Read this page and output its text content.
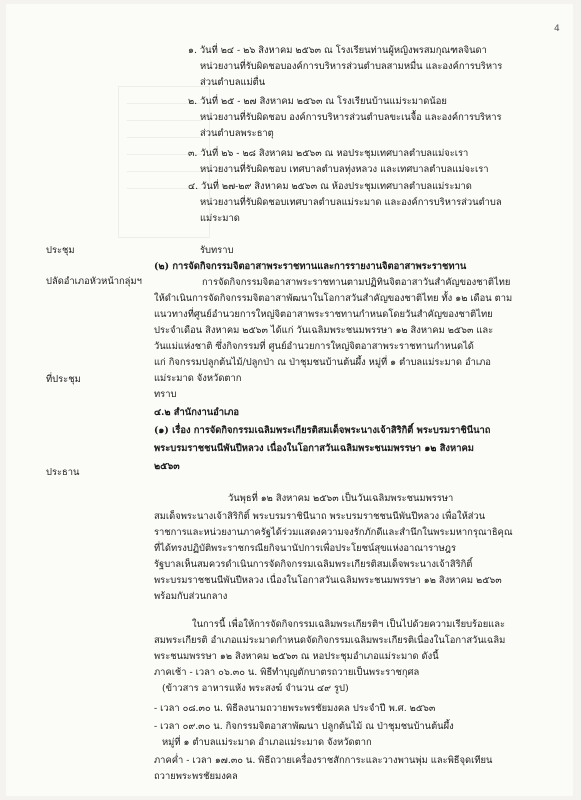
4
ประชุม
ปลัดอำเภอหัวหน้ากลุ่มฯ
ที่ประชุม
ประธาน
๑. วันที่ ๒๔ - ๒๖ สิงหาคม ๒๕๖๓ ณ โรงเรียนท่านผู้หญิงพรสมกุณฑลจินดา
หน่วยงานที่รับผิดชอบองค์การบริหารส่วนตำบลสามหมื่น และองค์การบริหาร
ส่วนตำบลแม่ตื่น
๒. วันที่ ๒๕ - ๒๗ สิงหาคม ๒๕๖๓ ณ โรงเรียนบ้านแม่ระมาดน้อย
หน่วยงานที่รับผิดชอบ องค์การบริหารส่วนตำบลขะเนจื้อ และองค์การบริหาร
ส่วนตำบลพระธาตุ
๓. วันที่ ๒๖ - ๒๘ สิงหาคม ๒๕๖๓ ณ หอประชุมเทศบาลตำบลแม่จะเรา
หน่วยงานที่รับผิดชอบ เทศบาลตำบลทุ่งหลวง และเทศบาลตำบลแม่จะเรา
๔. วันที่ ๒๗-๒๙ สิงหาคม ๒๕๖๓ ณ ห้องประชุมเทศบาลตำบลแม่ระมาด
หน่วยงานที่รับผิดชอบเทศบาลตำบลแม่ระมาด และองค์การบริหารส่วนตำบล
แม่ระมาด
รับทราบ
(๒) การจัดกิจกรรมจิตอาสาพระราชทานและการรายงานจิตอาสาพระราชทาน
การจัดกิจกรรมจิตอาสาพระราชทานตามปฏิทินจิตอาสาวันสำคัญของชาติไทย
ให้ดำเนินการจัดกิจกรรมจิตอาสาพัฒนาในโอกาสวันสำคัญของชาติไทย ทั้ง ๑๒ เดือน ตาม
แนวทางที่ศูนย์อำนวยการใหญ่จิตอาสาพระราชทานกำหนดโดยวันสำคัญของชาติไทย
ประจำเดือน สิงหาคม ๒๕๖๓ ได้แก่ วันเฉลิมพระชนมพรรษา ๑๒ สิงหาคม ๒๕๖๓ และ
วันแม่แห่งชาติ ซึ่งกิจกรรมที่ ศูนย์อำนวยการใหญ่จิตอาสาพระราชทานกำหนดได้
แก่ กิจกรรมปลูกต้นไม้/ปลูกป่า ณ ป่าชุมชนบ้านต้นผึ้ง หมู่ที่ ๑ ตำบลแม่ระมาด อำเภอ
แม่ระมาด จังหวัดตาก
ทราบ
๔.๒ สำนักงานอำเภอ
(๑) เรื่อง การจัดกิจกรรมเฉลิมพระเกียรติสมเด็จพระนางเจ้าสิริกิติ์ พระบรมราชินีนาถ
พระบรมราชชนนีพันปีหลวง เนื่องในโอกาสวันเฉลิมพระชนมพรรษา ๑๒ สิงหาคม
๒๕๖๓
วันพุธที่ ๑๒ สิงหาคม ๒๕๖๓ เป็นวันเฉลิมพระชนมพรรษา
สมเด็จพระนางเจ้าสิริกิติ์ พระบรมราชินีนาถ พระบรมราชชนนีพันปีหลวง เพื่อให้ส่วน
ราชการและหน่วยงานภาครัฐได้ร่วมแสดงความจงรักภักดีและสำนึกในพระมหากรุณาธิคุณ
ที่ได้ทรงปฏิบัติพระราชกรณียกิจนานัปการเพื่อประโยชน์สุขแห่งอาณาราษฎร
รัฐบาลเห็นสมควรดำเนินการจัดกิจกรรมเฉลิมพระเกียรติสมเด็จพระนางเจ้าสิริกิติ์
พระบรมราชชนนีพันปีหลวง เนื่องในโอกาสวันเฉลิมพระชนมพรรษา ๑๒ สิงหาคม ๒๕๖๓
พร้อมกับส่วนกลาง
ในการนี้ เพื่อให้การจัดกิจกรรมเฉลิมพระเกียรติฯ เป็นไปด้วยความเรียบร้อยและ
สมพระเกียรติ อำเภอแม่ระมาดกำหนดจัดกิจกรรมเฉลิมพระเกียรติเนื่องในโอกาสวันเฉลิม
พระชนมพรรษา ๑๒ สิงหาคม ๒๕๖๓ ณ หอประชุมอำเภอแม่ระมาด ดังนี้
ภาคเช้า - เวลา ๐๖.๓๐ น. พิธีทำบุญตักบาตรถวายเป็นพระราชกุศล
(ข้าวสาร อาหารแห้ง พระสงฆ์ จำนวน ๔๙ รูป)
- เวลา ๐๘.๓๐ น. พิธีลงนามถวายพระพรชัยมงคล ประจำปี พ.ศ. ๒๕๖๓
- เวลา ๐๙.๓๐ น. กิจกรรมจิตอาสาพัฒนา ปลูกต้นไม้ ณ ป่าชุมชนบ้านต้นผึ้ง
หมู่ที่ ๑ ตำบลแม่ระมาด อำเภอแม่ระมาด จังหวัดตาก
ภาคค่ำ - เวลา ๑๗.๓๐ น. พิธีถวายเครื่องราชสักการะและวางพานพุ่ม และพิธีจุดเทียน
ถวายพระพรชัยมงคล
